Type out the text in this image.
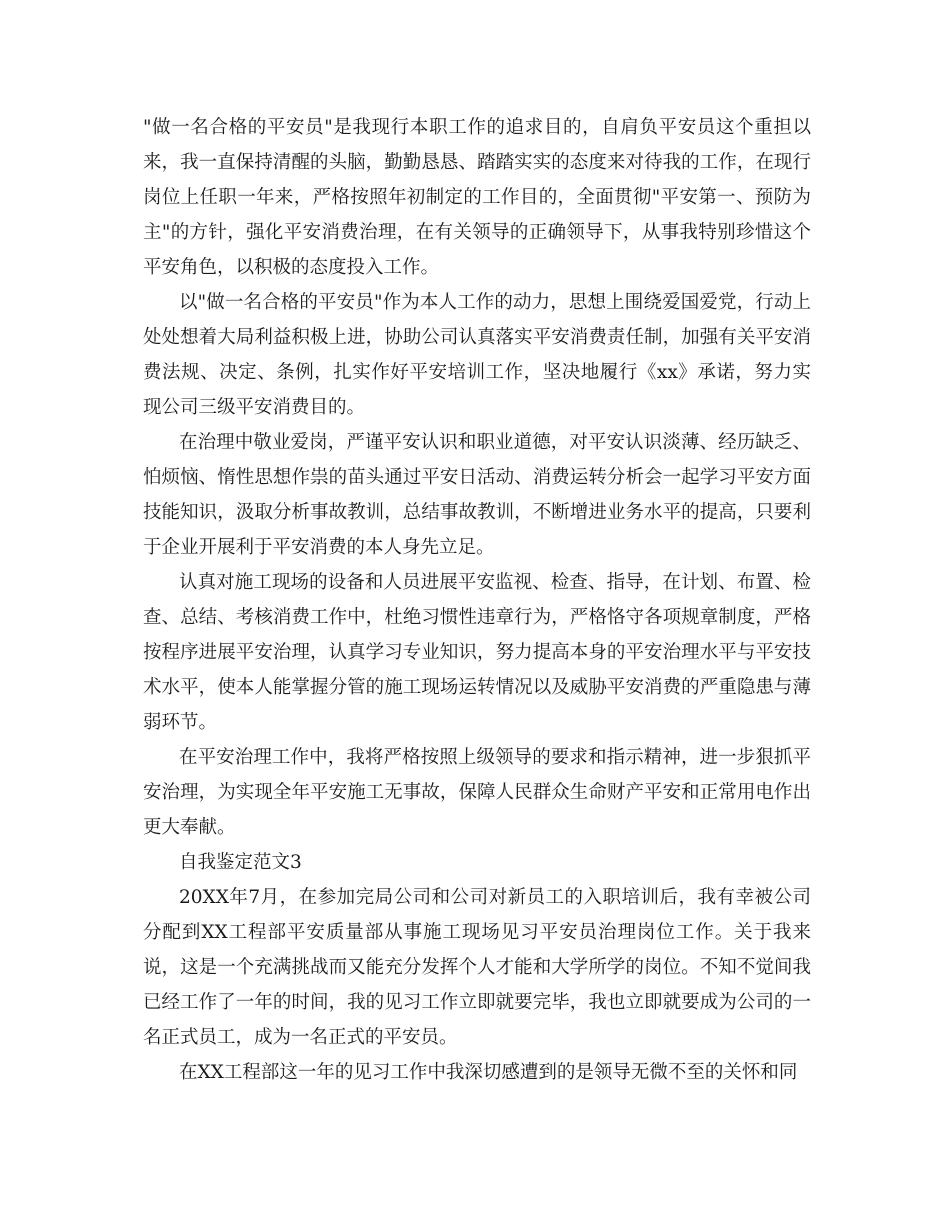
"做一名合格的平安员"是我现行本职工作的追求目的，自肩负平安员这个重担以来，我一直保持清醒的头脑，勤勤恳恳、踏踏实实的态度来对待我的工作，在现行岗位上任职一年来，严格按照年初制定的工作目的，全面贯彻"平安第一、预防为主"的方针，强化平安消费治理，在有关领导的正确领导下，从事我特别珍惜这个平安角色，以积极的态度投入工作。

以"做一名合格的平安员"作为本人工作的动力，思想上围绕爱国爱党，行动上处处想着大局利益积极上进，协助公司认真落实平安消费责任制，加强有关平安消费法规、决定、条例，扎实作好平安培训工作，坚决地履行《xx》承诺，努力实现公司三级平安消费目的。

在治理中敬业爱岗，严谨平安认识和职业道德，对平安认识淡薄、经历缺乏、怕烦恼、惰性思想作祟的苗头通过平安日活动、消费运转分析会一起学习平安方面技能知识，汲取分析事故教训，总结事故教训，不断增进业务水平的提高，只要利于企业开展利于平安消费的本人身先立足。

认真对施工现场的设备和人员进展平安监视、检查、指导，在计划、布置、检查、总结、考核消费工作中，杜绝习惯性违章行为，严格恪守各项规章制度，严格按程序进展平安治理，认真学习专业知识，努力提高本身的平安治理水平与平安技术水平，使本人能掌握分管的施工现场运转情况以及威胁平安消费的严重隐患与薄弱环节。

在平安治理工作中，我将严格按照上级领导的要求和指示精神，进一步狠抓平安治理，为实现全年平安施工无事故，保障人民群众生命财产平安和正常用电作出更大奉献。

自我鉴定范文3

20XX年7月，在参加完局公司和公司对新员工的入职培训后，我有幸被公司分配到XX工程部平安质量部从事施工现场见习平安员治理岗位工作。关于我来说，这是一个充满挑战而又能充分发挥个人才能和大学所学的岗位。不知不觉间我已经工作了一年的时间，我的见习工作立即就要完毕，我也立即就要成为公司的一名正式员工，成为一名正式的平安员。

在XX工程部这一年的见习工作中我深切感遭到的是领导无微不至的关怀和同
